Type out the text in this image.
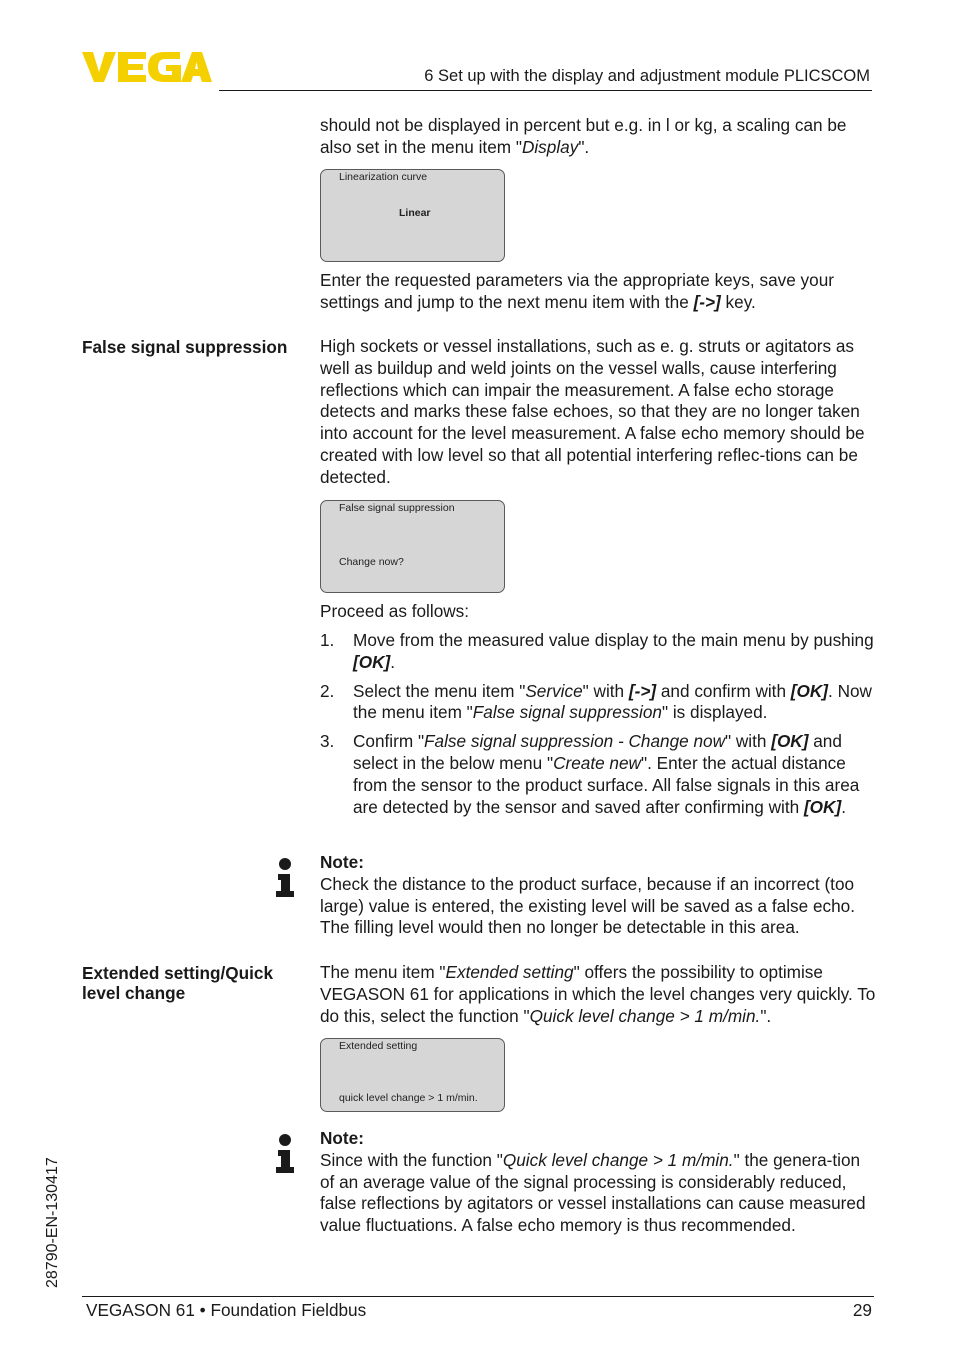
6 Set up with the display and adjustment module PLICSCOM

should not be displayed in percent but e.g. in l or kg, a scaling can be also set in the menu item "Display".

Linearization curve
Linear

Enter the requested parameters via the appropriate keys, save your settings and jump to the next menu item with the [->] key.

False signal suppression	High sockets or vessel installations, such as e. g. struts or agitators as well as buildup and weld joints on the vessel walls, cause interfering reflections which can impair the measurement. A false echo storage detects and marks these false echoes, so that they are no longer taken into account for the level measurement. A false echo memory should be created with low level so that all potential interfering reflec-tions can be detected.

False signal suppression
Change now?
Proceed as follows:
1. Move from the measured value display to the main menu by pushing [OK].
2. Select the menu item "Service" with [->] and confirm with [OK]. Now the menu item "False signal suppression" is displayed.
3. Confirm "False signal suppression - Change now" with [OK] and select in the below menu "Create new". Enter the actual distance from the sensor to the product surface. All false signals in this area are detected by the sensor and saved after confirming with [OK].

Note:

Check the distance to the product surface, because if an incorrect (too large) value is entered, the existing level will be saved as a false echo. The filling level would then no longer be detectable in this area.

Extended setting/Quick level change

The menu item "Extended setting" offers the possibility to optimise VEGASON 61 for applications in which the level changes very quickly. To do this, select the function "Quick level change > 1 m/min.".

Extended setting
quick level change > 1 m/min.

Note:

Since with the function "Quick level change > 1 m/min." the genera-tion of an average value of the signal processing is considerably reduced, false reflections by agitators or vessel installations can cause measured value fluctuations. A false echo memory is thus recommended.

28790-EN-130417
VEGASON 61 • Foundation Fieldbus	29
